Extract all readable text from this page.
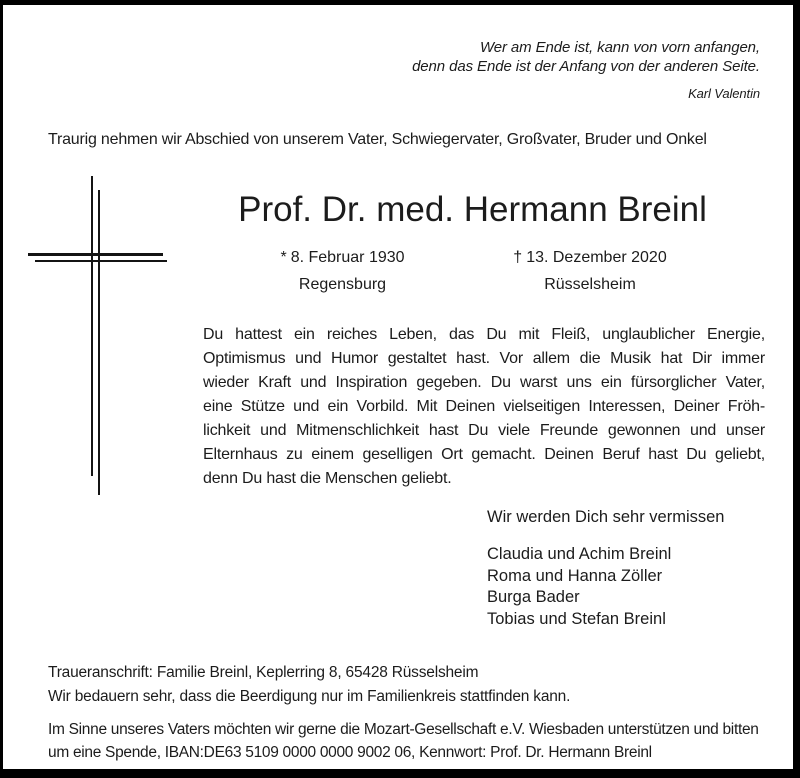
Wer am Ende ist, kann von vorn anfangen,
denn das Ende ist der Anfang von der anderen Seite.
Karl Valentin
Traurig nehmen wir Abschied von unserem Vater, Schwiegervater, Großvater, Bruder und Onkel
Prof. Dr. med. Hermann Breinl
* 8. Februar 1930
Regensburg
† 13. Dezember 2020
Rüsselsheim
Du hattest ein reiches Leben, das Du mit Fleiß, unglaublicher Energie,
Optimismus und Humor gestaltet hast. Vor allem die Musik hat Dir immer
wieder Kraft und Inspiration gegeben. Du warst uns ein fürsorglicher Vater,
eine Stütze und ein Vorbild. Mit Deinen vielseitigen Interessen, Deiner Fröh-
lichkeit und Mitmenschlichkeit hast Du viele Freunde gewonnen und unser
Elternhaus zu einem geselligen Ort gemacht. Deinen Beruf hast Du geliebt,
denn Du hast die Menschen geliebt.
Wir werden Dich sehr vermissen
Claudia und Achim Breinl
Roma und Hanna Zöller
Burga Bader
Tobias und Stefan Breinl
Traueranschrift: Familie Breinl, Keplerring 8, 65428 Rüsselsheim
Wir bedauern sehr, dass die Beerdigung nur im Familienkreis stattfinden kann.
Im Sinne unseres Vaters möchten wir gerne die Mozart-Gesellschaft e.V. Wiesbaden unterstützen und bitten
um eine Spende, IBAN:DE63 5109 0000 0000 9002 06, Kennwort: Prof. Dr. Hermann Breinl
